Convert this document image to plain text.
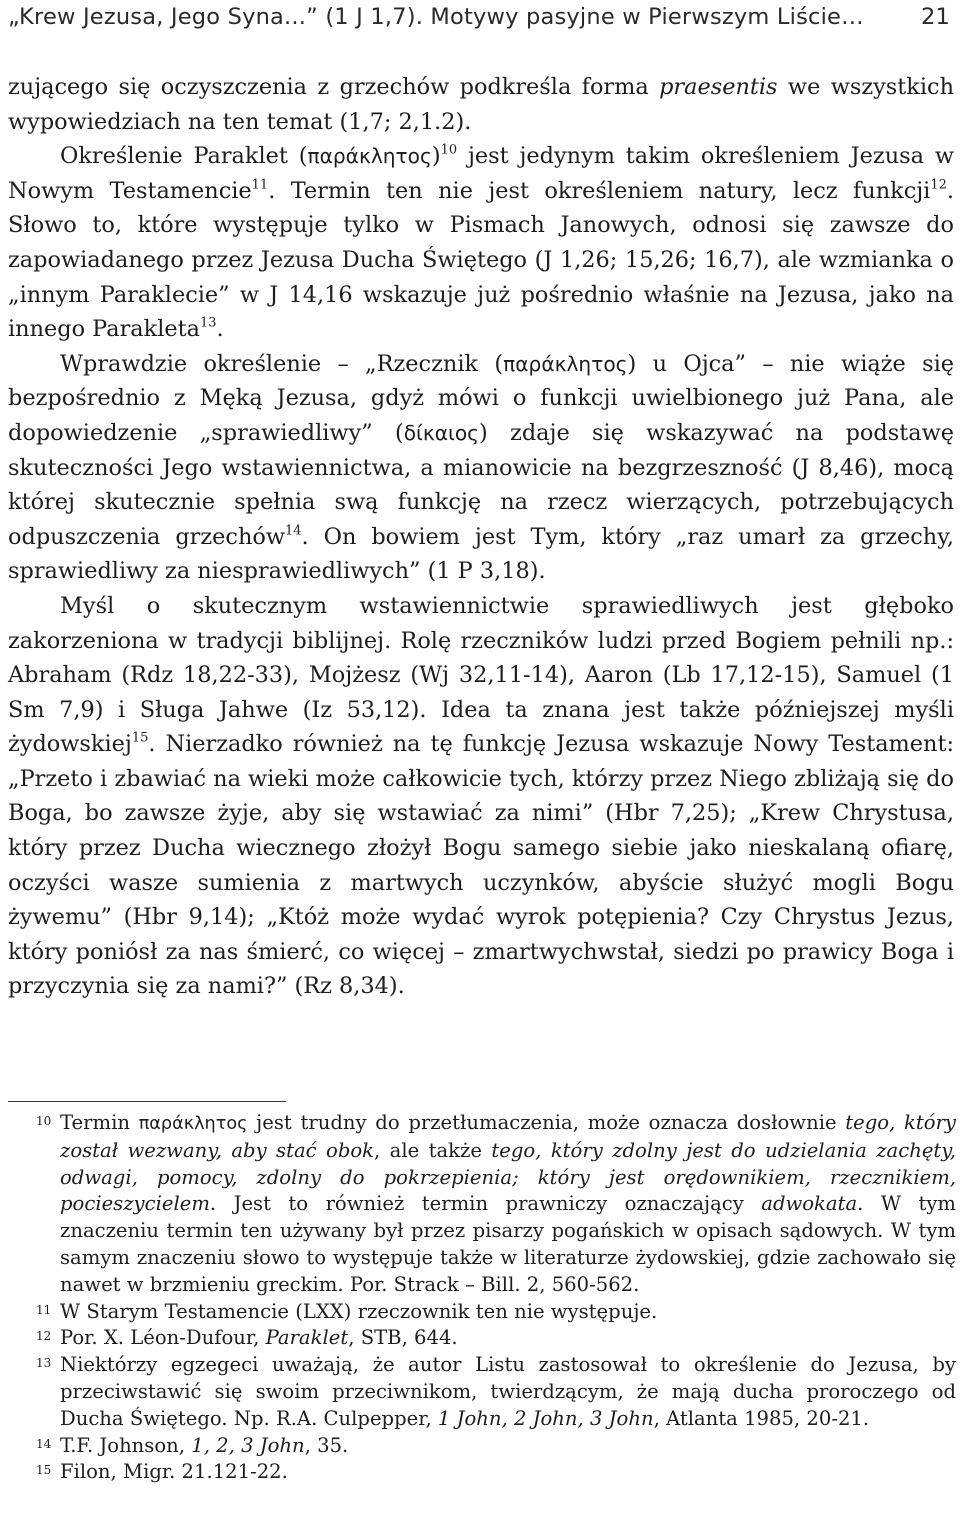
„Krew Jezusa, Jego Syna...” (1 J 1,7). Motywy pasyjne w Pierwszym Liście…	21

zującego się oczyszczenia z grzechów podkreśla forma praesentis we wszystkich wypowiedziach na ten temat (1,7; 2,1.2).

Określenie Paraklet $(\pi\alpha\rho ά\kappa\lambda\eta\tau o\varsigma)^{10}$ jest jedynym takim określeniem Jezusa w Nowym Testamencie$^{11}$. Termin ten nie jest określeniem natury, lecz funkcji$^{12}$. Słowo to, które występuje tylko w Pismach Janowych, odnosi się zawsze do zapowiadanego przez Jezusa Ducha Świętego (J 1,26; 15,26; 16,7), ale wzmianka o „innym Paraklecie” w J 14,16 wskazuje już pośrednio właśnie na Jezusa, jako na innego Parakleta$^{13}$.

Wprawdzie określenie – „Rzecznik (παράκλητος) u Ojca” – nie wiąże się bezpośrednio z Męką Jezusa, gdyż mówi o funkcji uwielbionego już Pana, ale dopowiedzenie „sprawiedliwy” (δίκαιος) zdaje się wskazywać na podstawę skuteczności Jego wstawiennictwa, a mianowicie na bezgrzeszność (J 8,46), mocą której skutecznie spełnia swą funkcję na rzecz wierzących, potrzebujących odpuszczenia grzechów$^{14}$. On bowiem jest Tym, który „raz umarł za grzechy, sprawiedliwy za niesprawiedliwych” (1 P 3,18).

Myśl o skutecznym wstawiennictwie sprawiedliwych jest głęboko zakorzeniona w tradycji biblijnej. Rolę rzeczników ludzi przed Bogiem pełnili np.: Abraham (Rdz 18,22-33), Mojżesz (Wj 32,11-14), Aaron (Lb 17,12-15), Samuel (1 Sm 7,9) i Sługa Jahwe (Iz 53,12). Idea ta znana jest także późniejszej myśli żydowskiej$^{15}$. Nierzadko również na tę funkcję Jezusa wskazuje Nowy Testament: „Przeto i zbawiać na wieki może całkowicie tych, którzy przez Niego zbliżają się do Boga, bo zawsze żyje, aby się wstawiać za nimi” (Hbr 7,25); „Krew Chrystusa, który przez Ducha wiecznego złożył Bogu samego siebie jako nieskalaną ofiarę, oczyści wasze sumienia z martwych uczynków, abyście służyć mogli Bogu żywemu” (Hbr 9,14); „Któż może wydać wyrok potępienia? Czy Chrystus Jezus, który poniósł za nas śmierć, co więcej – zmartwychwstał, siedzi po prawicy Boga i przyczynia się za nami?” (Rz 8,34).

10 Termin παράκλητος jest trudny do przetłumaczenia, może oznacza dosłownie tego, który został wezwany, aby stać obok, ale także tego, który zdolny jest do udzielania zachęty, odwagi, pomocy, zdolny do pokrzepienia; który jest orędownikiem, rzecznikiem, pocieszycielem. Jest to również termin prawniczy oznaczający adwokata. W tym znaczeniu termin ten używany był przez pisarzy pogańskich w opisach sądowych. W tym samym znaczeniu słowo to występuje także w literaturze żydowskiej, gdzie zachowało się nawet w brzmieniu greckim. Por. Strack – Bill. 2, 560-562.

11 W Starym Testamencie (LXX) rzeczownik ten nie występuje.

12 Por. X. Léon-Dufour, Paraklet, STB, 644.

13 Niektórzy egzegeci uważają, że autor Listu zastosował to określenie do Jezusa, by przeciwstawić się swoim przeciwnikom, twierdzącym, że mają ducha proroczego od Ducha Świętego. Np. R.A. Culpepper, 1 John, 2 John, 3 John, Atlanta 1985, 20-21.

14 T.F. Johnson, 1, 2, 3 John, 35.

15 Filon, Migr. 21.121-22.
